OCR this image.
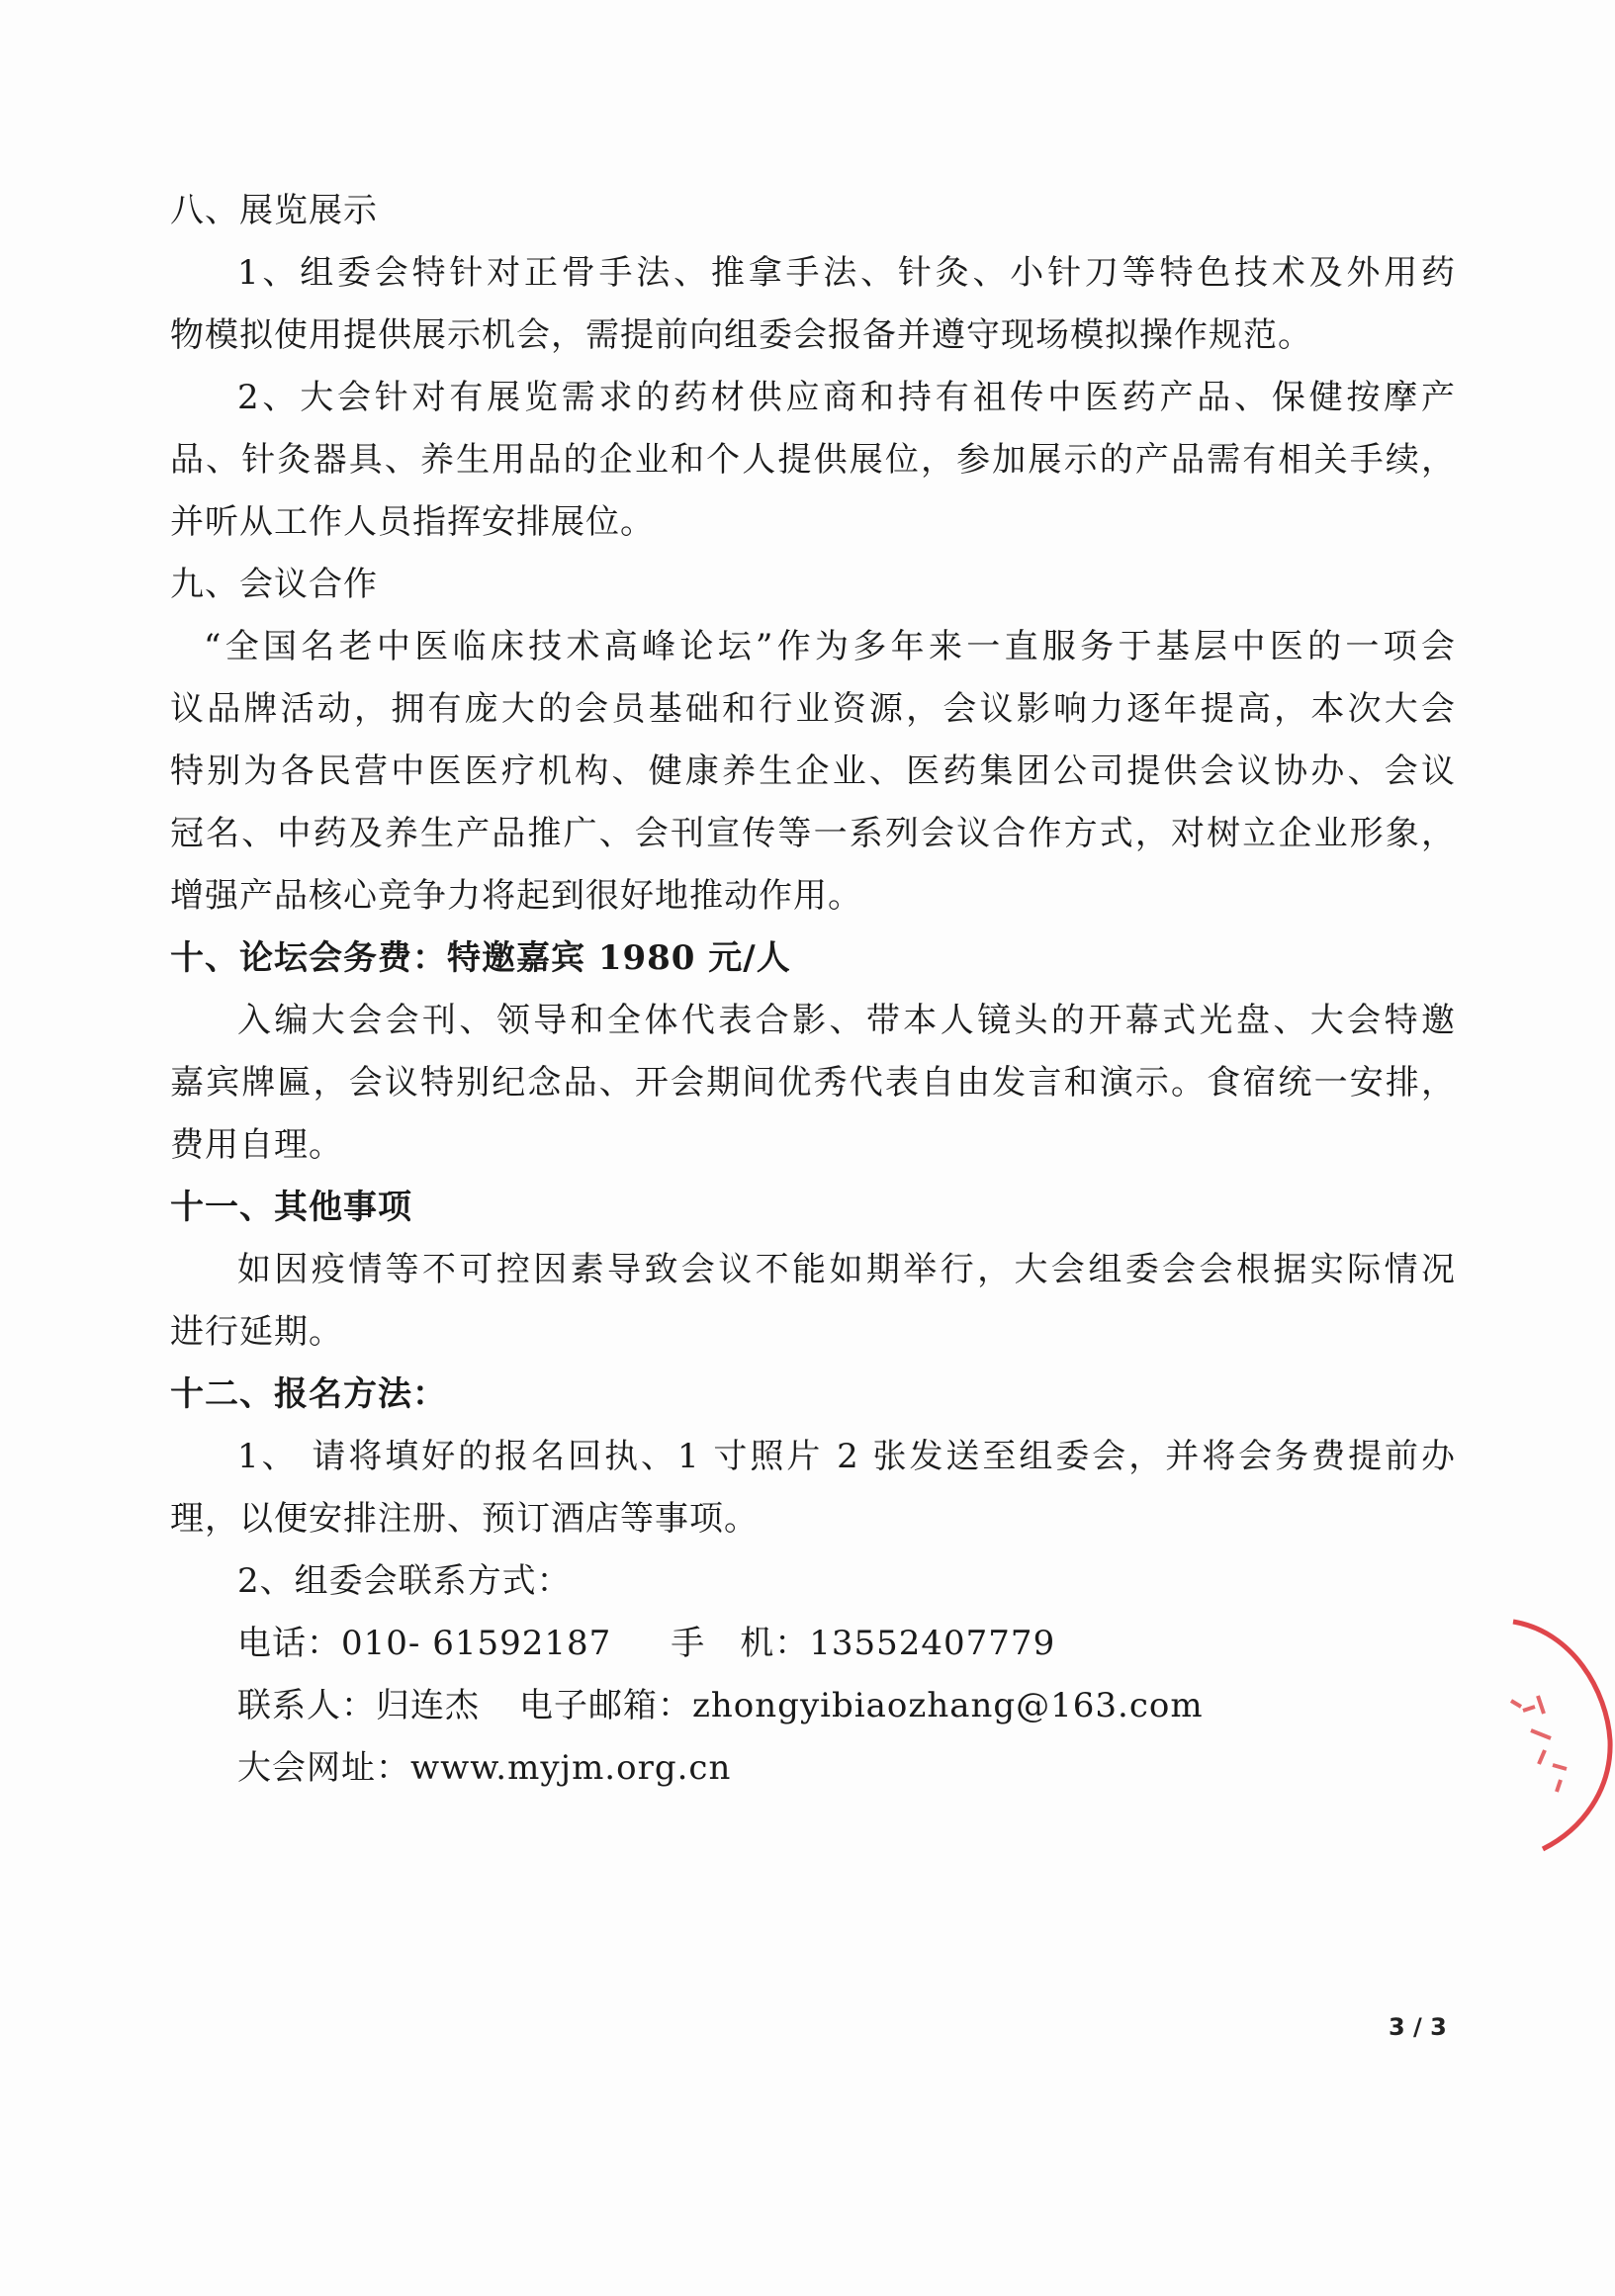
八、展览展示
1、组委会特针对正骨手法、推拿手法、针灸、小针刀等特色技术及外用药
物模拟使用提供展示机会，需提前向组委会报备并遵守现场模拟操作规范。
2、大会针对有展览需求的药材供应商和持有祖传中医药产品、保健按摩产
品、针灸器具、养生用品的企业和个人提供展位，参加展示的产品需有相关手续，
并听从工作人员指挥安排展位。
九、会议合作
“全国名老中医临床技术高峰论坛”作为多年来一直服务于基层中医的一项会
议品牌活动，拥有庞大的会员基础和行业资源，会议影响力逐年提高，本次大会
特别为各民营中医医疗机构、健康养生企业、医药集团公司提供会议协办、会议
冠名、中药及养生产品推广、会刊宣传等一系列会议合作方式，对树立企业形象，
增强产品核心竞争力将起到很好地推动作用。
十、论坛会务费：特邀嘉宾 1980 元/人
入编大会会刊、领导和全体代表合影、带本人镜头的开幕式光盘、大会特邀
嘉宾牌匾，会议特别纪念品、开会期间优秀代表自由发言和演示。食宿统一安排，
费用自理。
十一、其他事项
如因疫情等不可控因素导致会议不能如期举行，大会组委会会根据实际情况
进行延期。
十二、报名方法：
1、 请将填好的报名回执、1 寸照片 2 张发送至组委会，并将会务费提前办
理，以便安排注册、预订酒店等事项。
2、组委会联系方式：
电话：010- 61592187 手　机：13552407779
联系人：归连杰 电子邮箱：zhongyibiaozhang@163.com
大会网址：www.myjm.org.cn
3 / 3
